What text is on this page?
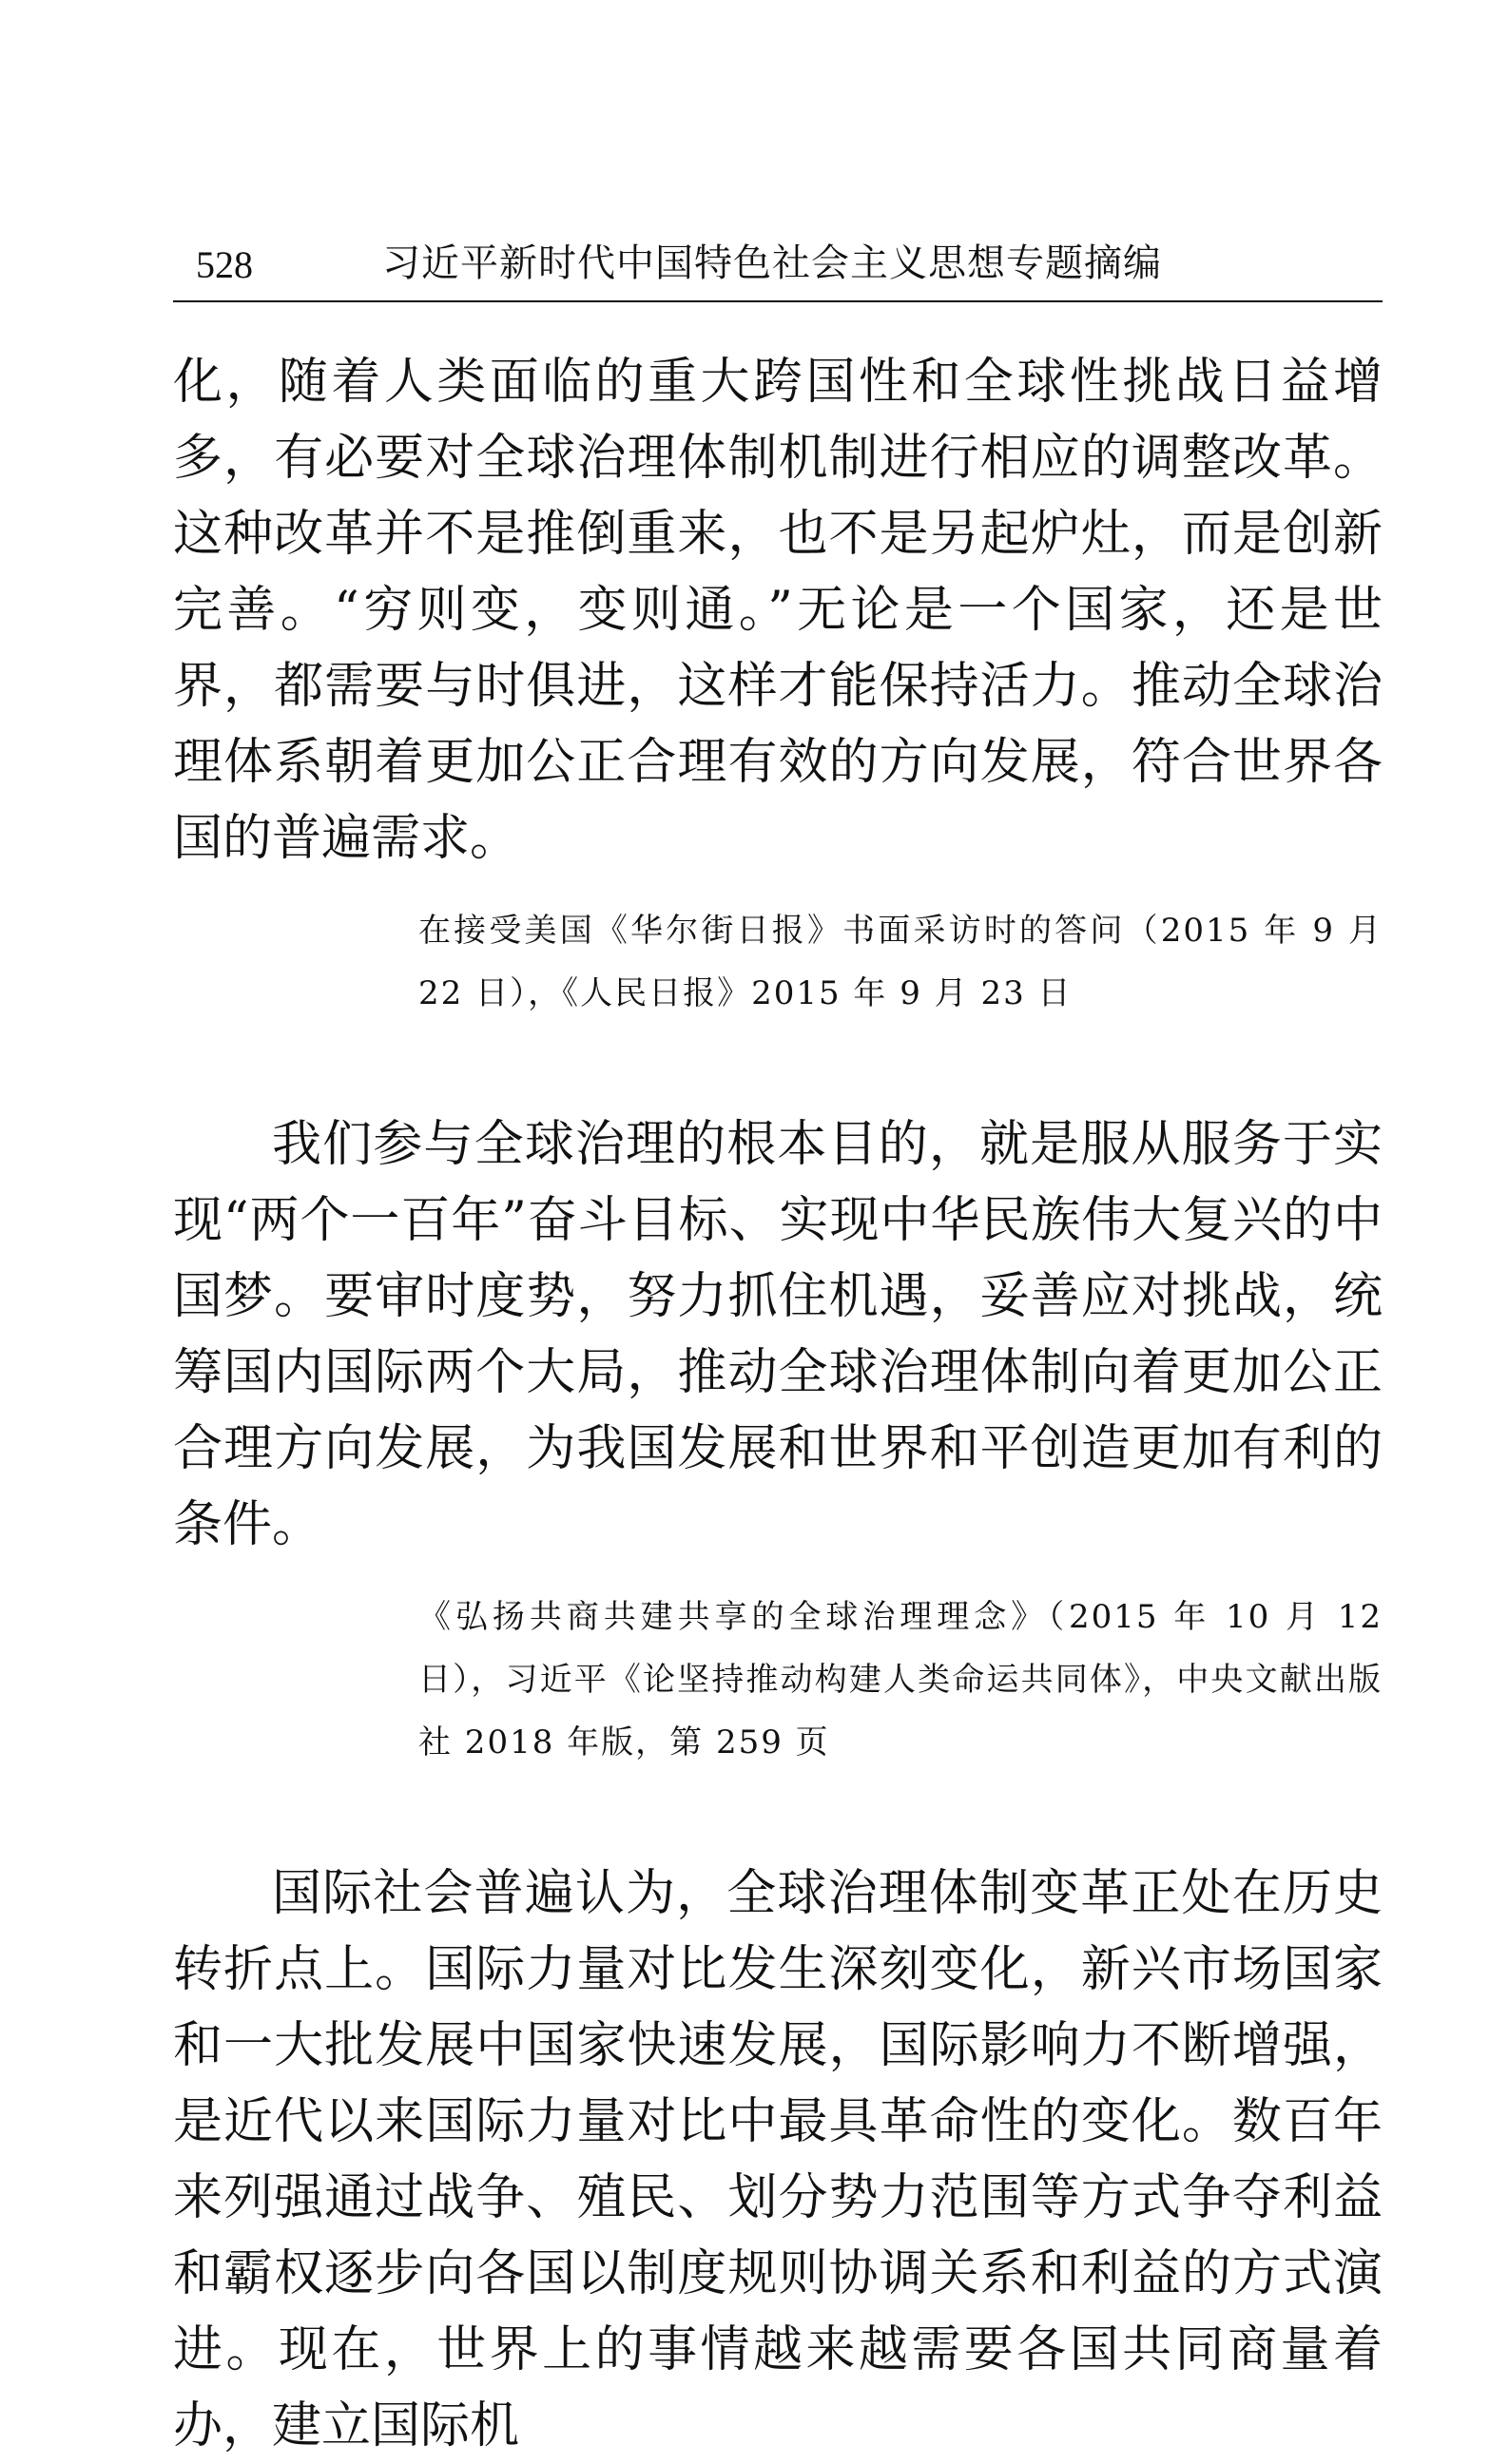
528	习近平新时代中国特色社会主义思想专题摘编

化，随着人类面临的重大跨国性和全球性挑战日益增多，有必要对全球治理体制机制进行相应的调整改革。这种改革并不是推倒重来，也不是另起炉灶，而是创新完善。“穷则变，变则通。”无论是一个国家，还是世界，都需要与时俱进，这样才能保持活力。推动全球治理体系朝着更加公正合理有效的方向发展，符合世界各国的普遍需求。

在接受美国《华尔街日报》书面采访时的答问（2015 年 9 月 22 日），《人民日报》2015 年 9 月 23 日

我们参与全球治理的根本目的，就是服从服务于实现“两个一百年”奋斗目标、实现中华民族伟大复兴的中国梦。要审时度势，努力抓住机遇，妥善应对挑战，统筹国内国际两个大局，推动全球治理体制向着更加公正合理方向发展，为我国发展和世界和平创造更加有利的条件。

《弘扬共商共建共享的全球治理理念》（2015 年 10 月 12 日），习近平《论坚持推动构建人类命运共同体》，中央文献出版社 2018 年版，第 259 页

国际社会普遍认为，全球治理体制变革正处在历史转折点上。国际力量对比发生深刻变化，新兴市场国家和一大批发展中国家快速发展，国际影响力不断增强，是近代以来国际力量对比中最具革命性的变化。数百年来列强通过战争、殖民、划分势力范围等方式争夺利益和霸权逐步向各国以制度规则协调关系和利益的方式演进。现在，世界上的事情越来越需要各国共同商量着办，建立国际机
